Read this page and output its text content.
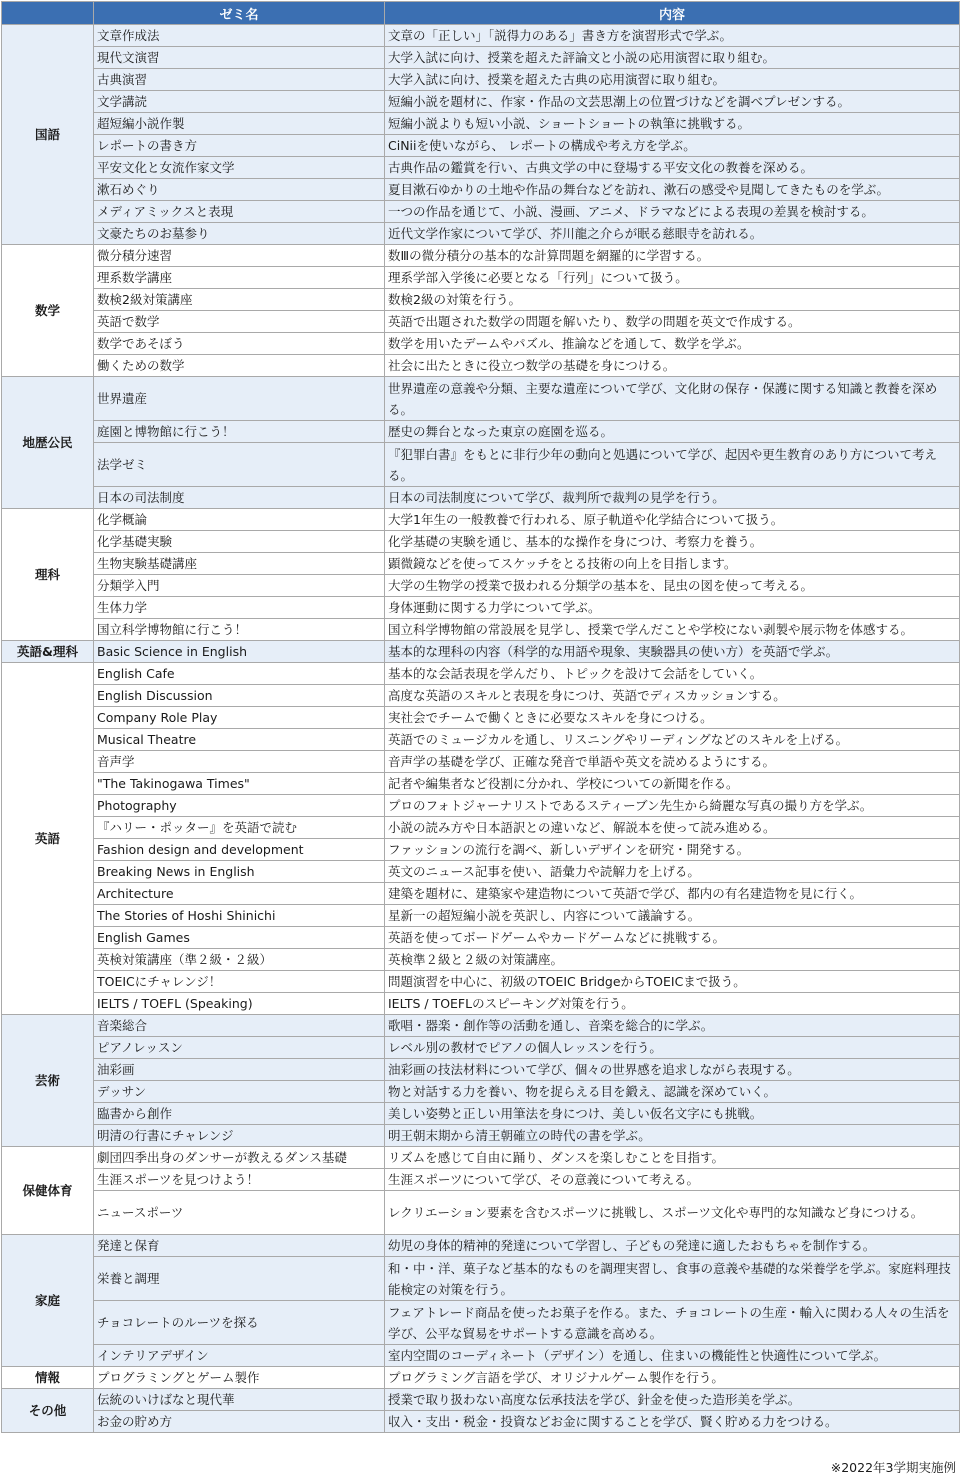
	ゼミ名	内容
国語	文章作成法	文章の「正しい」「説得力のある」書き方を演習形式で学ぶ。
	現代文演習	大学入試に向け、授業を超えた評論文と小説の応用演習に取り組む。
	古典演習	大学入試に向け、授業を超えた古典の応用演習に取り組む。
	文学講読	短編小説を題材に、作家・作品の文芸思潮上の位置づけなどを調べプレゼンする。
	超短編小説作製	短編小説よりも短い小説、ショートショートの執筆に挑戦する。
	レポートの書き方	CiNiiを使いながら、 レポートの構成や考え方を学ぶ。
	平安文化と女流作家文学	古典作品の鑑賞を行い、古典文学の中に登場する平安文化の教養を深める。
	漱石めぐり	夏目漱石ゆかりの土地や作品の舞台などを訪れ、漱石の感受や見聞してきたものを学ぶ。
	メディアミックスと表現	一つの作品を通じて、小説、漫画、アニメ、ドラマなどによる表現の差異を検討する。
	文豪たちのお墓参り	近代文学作家について学び、芥川龍之介らが眠る慈眼寺を訪れる。
数学	微分積分速習	数Ⅲの微分積分の基本的な計算問題を網羅的に学習する。
	理系数学講座	理系学部入学後に必要となる「行列」について扱う。
	数検2級対策講座	数検2級の対策を行う。
	英語で数学	英語で出題された数学の問題を解いたり、数学の問題を英文で作成する。
	数学であそぼう	数学を用いたデームやパズル、推論などを通して、数学を学ぶ。
	働くための数学	社会に出たときに役立つ数学の基礎を身につける。
地歴公民	世界遺産	世界遺産の意義や分類、主要な遺産について学び、文化財の保存・保護に関する知識と教養を深める。
	庭園と博物館に行こう！	歴史の舞台となった東京の庭園を巡る。
	法学ゼミ	『犯罪白書』をもとに非行少年の動向と処遇について学び、起因や更生教育のあり方について考える。
	日本の司法制度	日本の司法制度について学び、裁判所で裁判の見学を行う。
理科	化学概論	大学1年生の一般教養で行われる、原子軌道や化学結合について扱う。
	化学基礎実験	化学基礎の実験を通じ、基本的な操作を身につけ、考察力を養う。
	生物実験基礎講座	顕微鏡などを使ってスケッチをとる技術の向上を目指します。
	分類学入門	大学の生物学の授業で扱われる分類学の基本を、昆虫の図を使って考える。
	生体力学	身体運動に関する力学について学ぶ。
	国立科学博物館に行こう！	国立科学博物館の常設展を見学し、授業で学んだことや学校にない剥製や展示物を体感する。
英語&理科	Basic Science in English	基本的な理科の内容（科学的な用語や現象、実験器具の使い方）を英語で学ぶ。
英語	English Cafe	基本的な会話表現を学んだり、トピックを設けて会話をしていく。
	English Discussion	高度な英語のスキルと表現を身につけ、英語でディスカッションする。
	Company Role Play	実社会でチームで働くときに必要なスキルを身につける。
	Musical Theatre	英語でのミュージカルを通し、リスニングやリーディングなどのスキルを上げる。
	音声学	音声学の基礎を学び、正確な発音で単語や英文を読めるようにする。
	"The Takinogawa Times"	記者や編集者など役割に分かれ、学校についての新聞を作る。
	Photography	プロのフォトジャーナリストであるスティーブン先生から綺麗な写真の撮り方を学ぶ。
	『ハリー・ポッター』を英語で読む	小説の読み方や日本語訳との違いなど、解説本を使って読み進める。
	Fashion design and development	ファッションの流行を調べ、新しいデザインを研究・開発する。
	Breaking News in English	英文のニュース記事を使い、語彙力や読解力を上げる。
	Architecture	建築を題材に、建築家や建造物について英語で学び、都内の有名建造物を見に行く。
	The Stories of Hoshi Shinichi	星新一の超短編小説を英訳し、内容について議論する。
	English Games	英語を使ってボードゲームやカードゲームなどに挑戦する。
	英検対策講座（準２級・２級）	英検準２級と２級の対策講座。
	TOEICにチャレンジ！	問題演習を中心に、初級のTOEIC BridgeからTOEICまで扱う。
	IELTS / TOEFL (Speaking)	IELTS / TOEFLのスピーキング対策を行う。
芸術	音楽総合	歌唱・器楽・創作等の活動を通し、音楽を総合的に学ぶ。
	ピアノレッスン	レベル別の教材でピアノの個人レッスンを行う。
	油彩画	油彩画の技法材料について学び、個々の世界感を追求しながら表現する。
	デッサン	物と対話する力を養い、物を捉らえる目を鍛え、認識を深めていく。
	臨書から創作	美しい姿勢と正しい用筆法を身につけ、美しい仮名文字にも挑戦。
	明清の行書にチャレンジ	明王朝末期から清王朝確立の時代の書を学ぶ。
保健体育	劇団四季出身のダンサーが教えるダンス基礎	リズムを感じて自由に踊り、ダンスを楽しむことを目指す。
	生涯スポーツを見つけよう！	生涯スポーツについて学び、その意義について考える。
	ニュースポーツ	レクリエーション要素を含むスポーツに挑戦し、スポーツ文化や専門的な知識など身につける。
家庭	発達と保育	幼児の身体的精神的発達について学習し、子どもの発達に適したおもちゃを制作する。
	栄養と調理	和・中・洋、菓子など基本的なものを調理実習し、食事の意義や基礎的な栄養学を学ぶ。家庭料理技能検定の対策を行う。
	チョコレートのルーツを探る	フェアトレード商品を使ったお菓子を作る。また、チョコレートの生産・輸入に関わる人々の生活を学び、公平な貿易をサポートする意識を高める。
	インテリアデザイン	室内空間のコーディネート（デザイン）を通し、住まいの機能性と快適性について学ぶ。
情報	プログラミングとゲーム製作	プログラミング言語を学び、オリジナルゲーム製作を行う。
その他	伝統のいけばなと現代華	授業で取り扱わない高度な伝承技法を学び、針金を使った造形美を学ぶ。
	お金の貯め方	収入・支出・税金・投資などお金に関することを学び、賢く貯める力をつける。
※2022年3学期実施例
